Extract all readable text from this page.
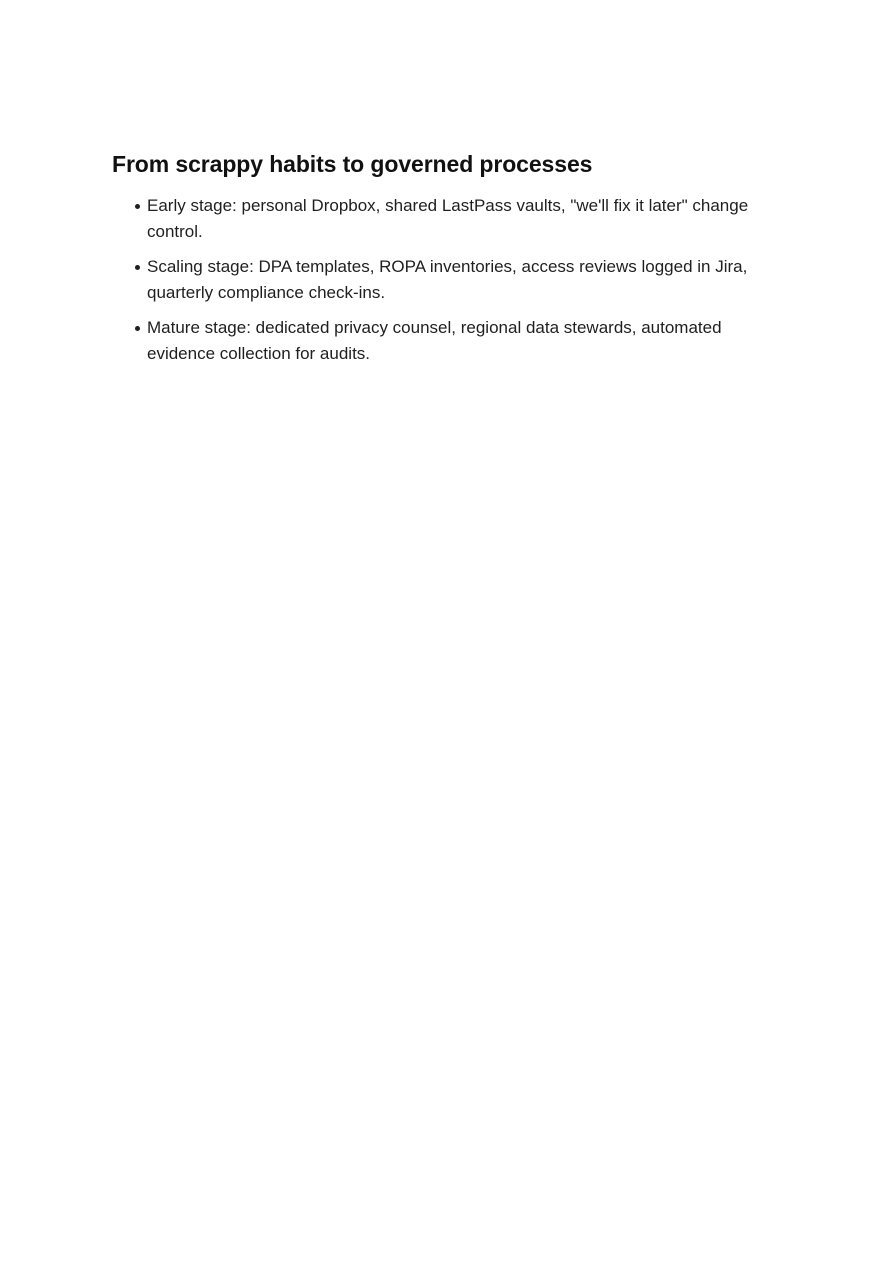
From scrappy habits to governed processes
Early stage: personal Dropbox, shared LastPass vaults, "we'll fix it later" change control.
Scaling stage: DPA templates, ROPA inventories, access reviews logged in Jira, quarterly compliance check-ins.
Mature stage: dedicated privacy counsel, regional data stewards, automated evidence collection for audits.
